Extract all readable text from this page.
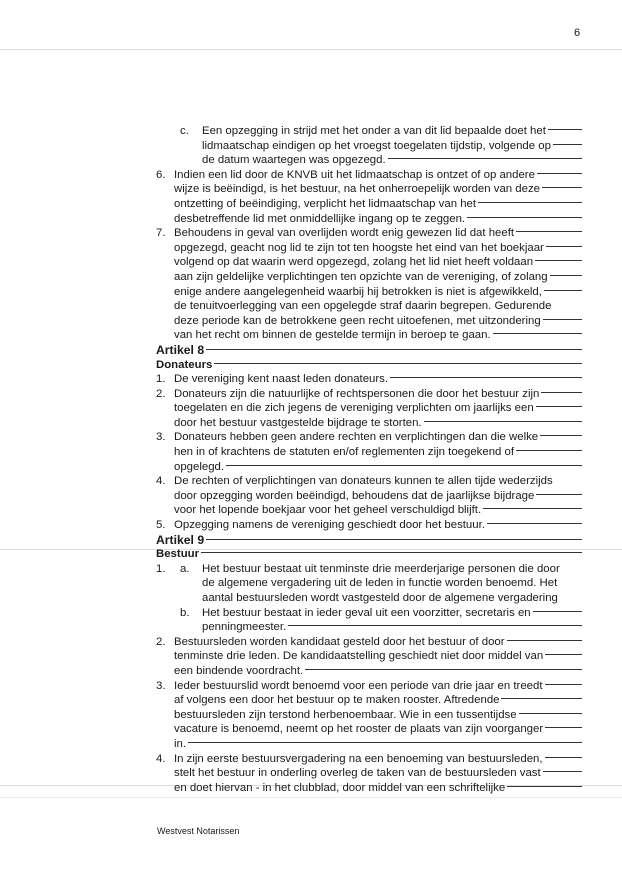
6
c. Een opzegging in strijd met het onder a van dit lid bepaalde doet het
lidmaatschap eindigen op het vroegst toegelaten tijdstip, volgende op
de datum waartegen was opgezegd.
6. Indien een lid door de KNVB uit het lidmaatschap is ontzet of op andere
wijze is beëindigd, is het bestuur, na het onherroepelijk worden van deze
ontzetting of beëindiging, verplicht het lidmaatschap van het
desbetreffende lid met onmiddellijke ingang op te zeggen.
7. Behoudens in geval van overlijden wordt enig gewezen lid dat heeft
opgezegd, geacht nog lid te zijn tot ten hoogste het eind van het boekjaar
volgend op dat waarin werd opgezegd, zolang het lid niet heeft voldaan
aan zijn geldelijke verplichtingen ten opzichte van de vereniging, of zolang
enige andere aangelegenheid waarbij hij betrokken is niet is afgewikkeld,
de tenuitvoerlegging van een opgelegde straf daarin begrepen. Gedurende
deze periode kan de betrokkene geen recht uitoefenen, met uitzondering
van het recht om binnen de gestelde termijn in beroep te gaan.
Artikel 8
Donateurs
1. De vereniging kent naast leden donateurs.
2. Donateurs zijn die natuurlijke of rechtspersonen die door het bestuur zijn
toegelaten en die zich jegens de vereniging verplichten om jaarlijks een
door het bestuur vastgestelde bijdrage te storten.
3. Donateurs hebben geen andere rechten en verplichtingen dan die welke
hen in of krachtens de statuten en/of reglementen zijn toegekend of
opgelegd.
4. De rechten of verplichtingen van donateurs kunnen te allen tijde wederzijds
door opzegging worden beëindigd, behoudens dat de jaarlijkse bijdrage
voor het lopende boekjaar voor het geheel verschuldigd blijft.
5. Opzegging namens de vereniging geschiedt door het bestuur.
Artikel 9
Bestuur
1. a. Het bestuur bestaat uit tenminste drie meerderjarige personen die door
de algemene vergadering uit de leden in functie worden benoemd. Het
aantal bestuursleden wordt vastgesteld door de algemene vergadering
b. Het bestuur bestaat in ieder geval uit een voorzitter, secretaris en
penningmeester.
2. Bestuursleden worden kandidaat gesteld door het bestuur of door
tenminste drie leden. De kandidaatstelling geschiedt niet door middel van
een bindende voordracht.
3. Ieder bestuurslid wordt benoemd voor een periode van drie jaar en treedt
af volgens een door het bestuur op te maken rooster. Aftredende
bestuursleden zijn terstond herbenoembaar. Wie in een tussentijdse
vacature is benoemd, neemt op het rooster de plaats van zijn voorganger
in.
4. In zijn eerste bestuursvergadering na een benoeming van bestuursleden,
stelt het bestuur in onderling overleg de taken van de bestuursleden vast
en doet hiervan - in het clubblad, door middel van een schriftelijke
Westvest Notarissen
